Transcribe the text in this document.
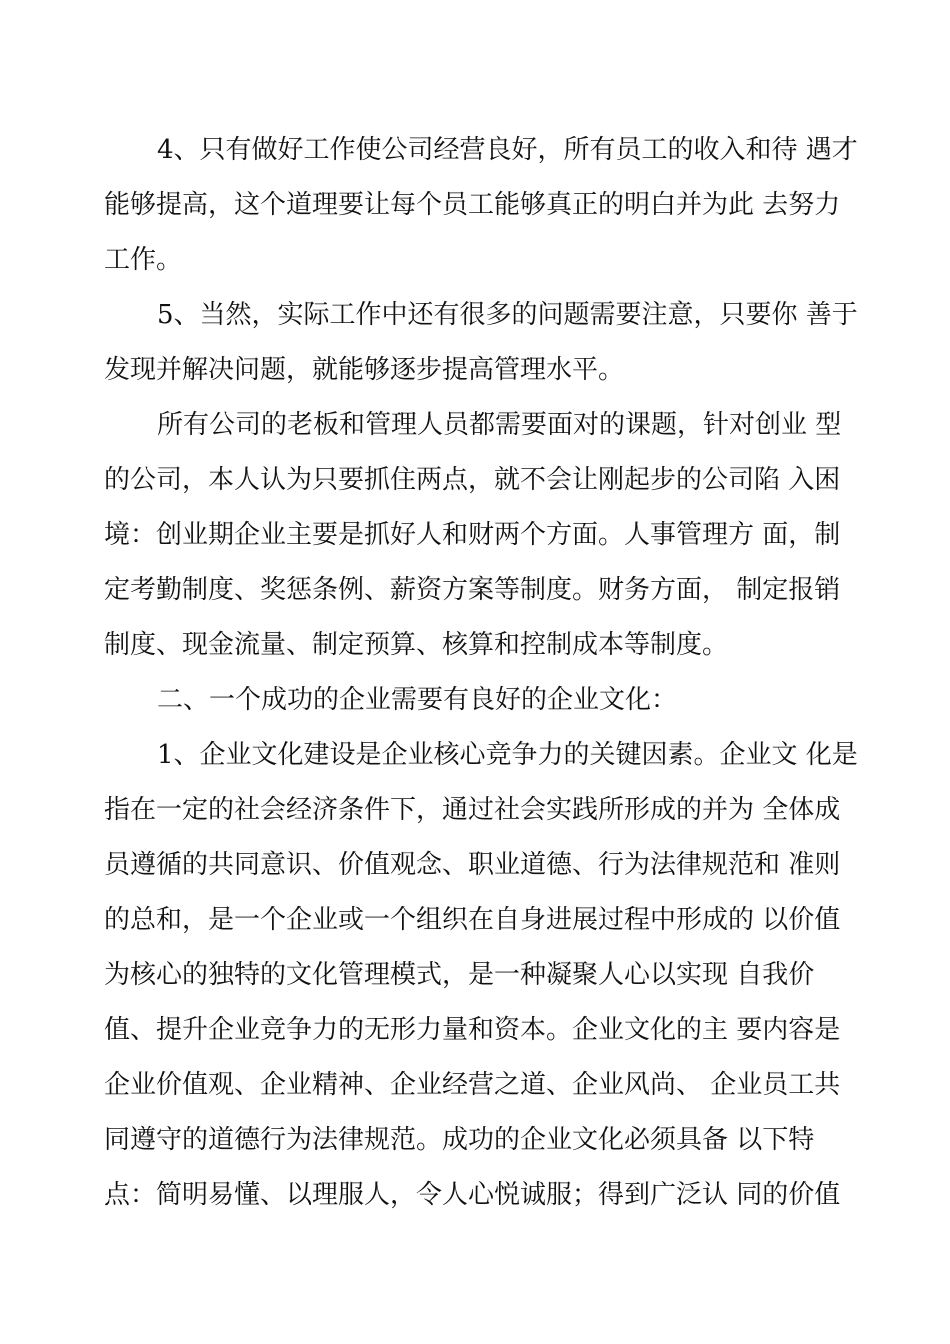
4、只有做好工作使公司经营良好，所有员工的收入和待 遇才
能够提高，这个道理要让每个员工能够真正的明白并为此 去努力
工作。
5、当然，实际工作中还有很多的问题需要注意，只要你 善于
发现并解决问题，就能够逐步提高管理水平。
所有公司的老板和管理人员都需要面对的课题，针对创业 型
的公司，本人认为只要抓住两点，就不会让刚起步的公司陷 入困
境：创业期企业主要是抓好人和财两个方面。人事管理方 面，制
定考勤制度、奖惩条例、薪资方案等制度。财务方面， 制定报销
制度、现金流量、制定预算、核算和控制成本等制度。
二、一个成功的企业需要有良好的企业文化：
1、企业文化建设是企业核心竞争力的关键因素。企业文 化是
指在一定的社会经济条件下，通过社会实践所形成的并为 全体成
员遵循的共同意识、价值观念、职业道德、行为法律规范和 准则
的总和，是一个企业或一个组织在自身进展过程中形成的 以价值
为核心的独特的文化管理模式，是一种凝聚人心以实现 自我价
值、提升企业竞争力的无形力量和资本。企业文化的主 要内容是
企业价值观、企业精神、企业经营之道、企业风尚、 企业员工共
同遵守的道德行为法律规范。成功的企业文化必须具备 以下特
点：简明易懂、以理服人，令人心悦诚服；得到广泛认 同的价值
